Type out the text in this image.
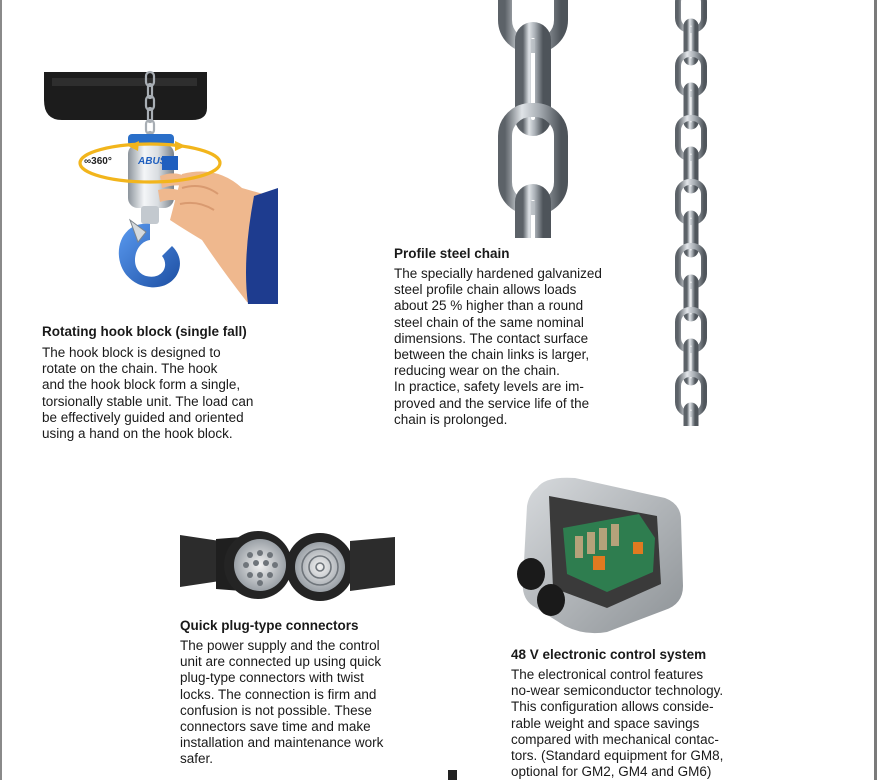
∞360°	ABUS
Rotating hook block (single fall)
The hook block is designed to
rotate on the chain. The hook
and the hook block form a single,
torsionally stable unit. The load can
be effectively guided and oriented
using a hand on the hook block.
Profile steel chain
The specially hardened galvanized
steel profile chain allows loads
about 25 % higher than a round
steel chain of the same nominal
dimensions. The contact surface
between the chain links is larger,
reducing wear on the chain.
In practice, safety levels are im-
proved and the service life of the
chain is prolonged.
Quick plug-type connectors
The power supply and the control
unit are connected up using quick
plug-type connectors with twist
locks. The connection is firm and
confusion is not possible. These
connectors save time and make
installation and maintenance work
safer.
48 V electronic control system
The electronical control features
no-wear semiconductor technology.
This configuration allows conside-
rable weight and space savings
compared with mechanical contac-
tors. (Standard equipment for GM8,
optional for GM2, GM4 and GM6)
